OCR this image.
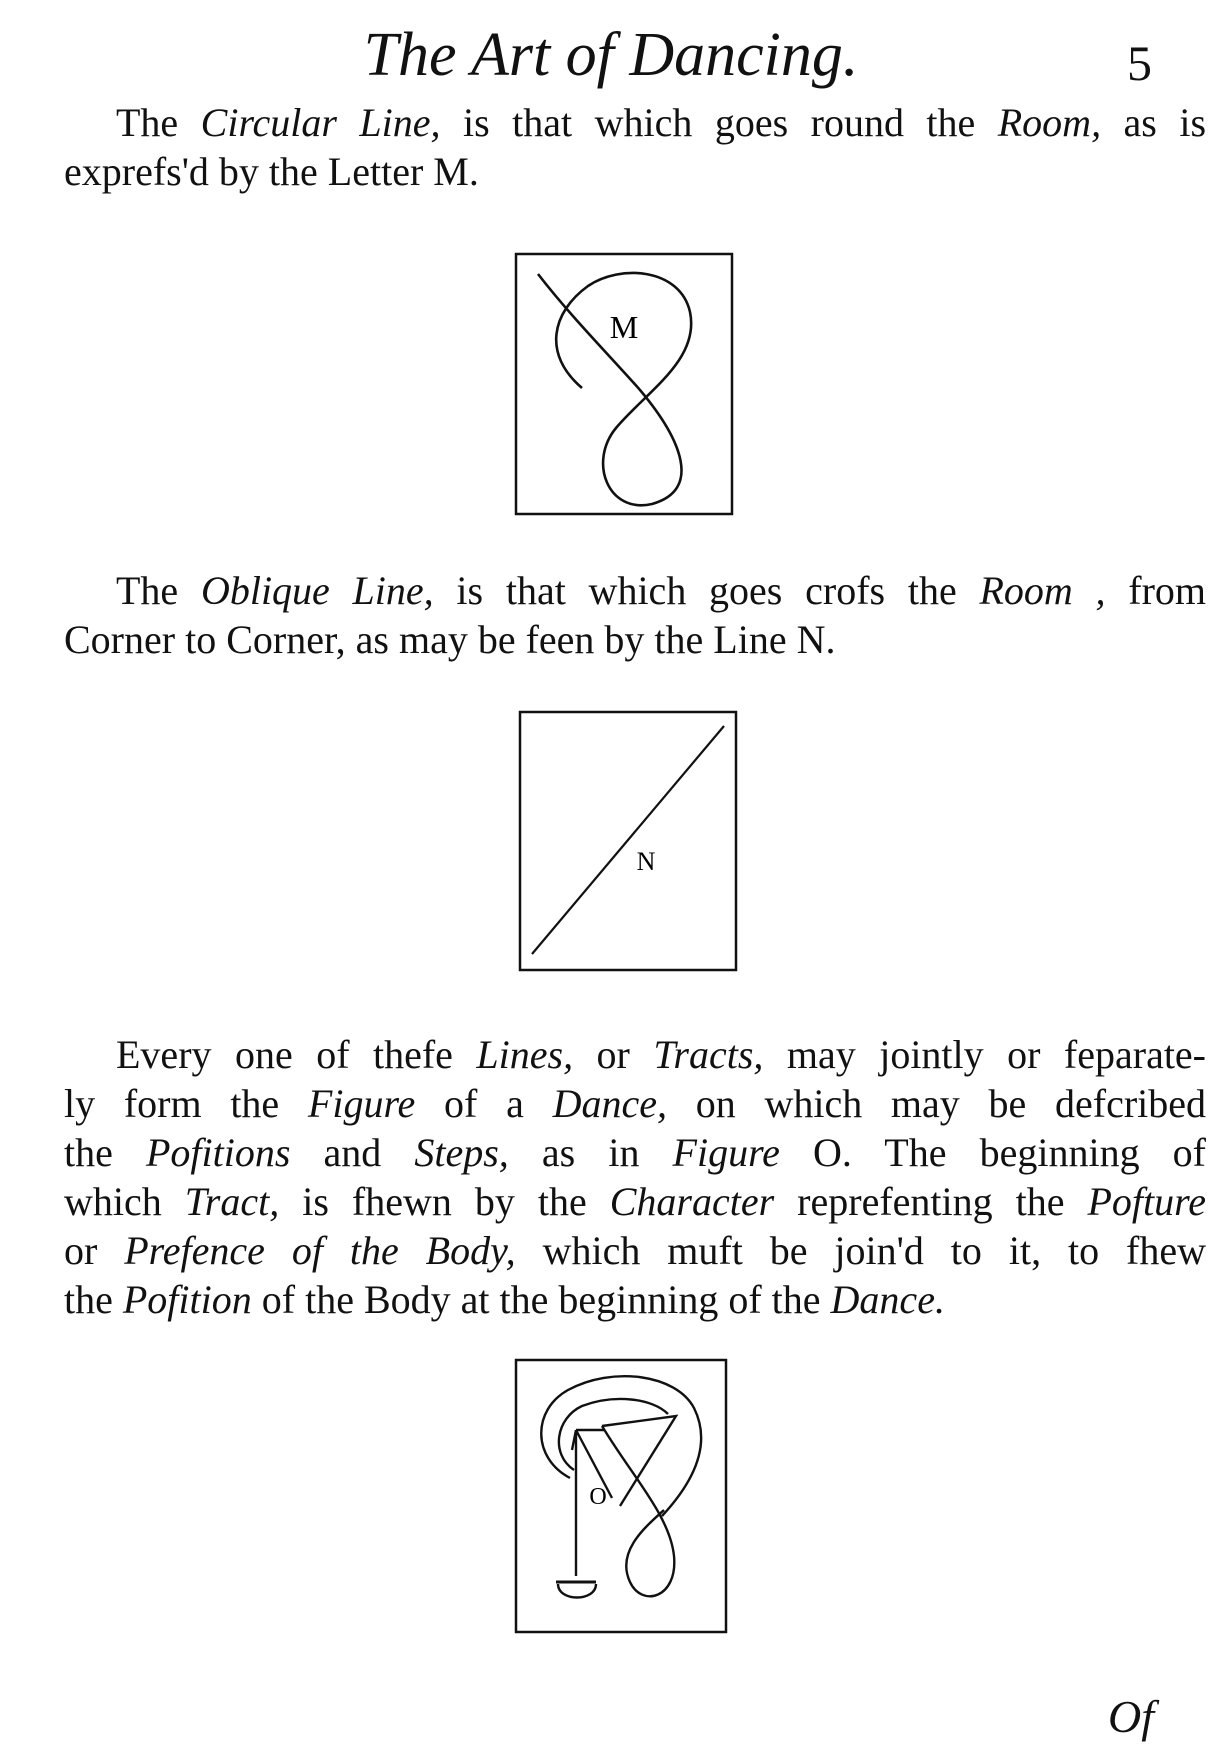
The Art of Dancing.	5

The Circular Line, is that which goes round the Room, as is
exprefs'd by the Letter M.

M

The Oblique Line, is that which goes crofs the Room , from
Corner to Corner, as may be feen by the Line N.

N

Every one of thefe Lines, or Tracts, may jointly or feparate-
ly form the Figure of a Dance, on which may be defcribed
the Pofitions and Steps, as in Figure O. The beginning of
which Tract, is fhewn by the Character reprefenting the Pofture
or Prefence of the Body, which muft be join'd to it, to fhew
the Pofition of the Body at the beginning of the Dance.

O
Of
